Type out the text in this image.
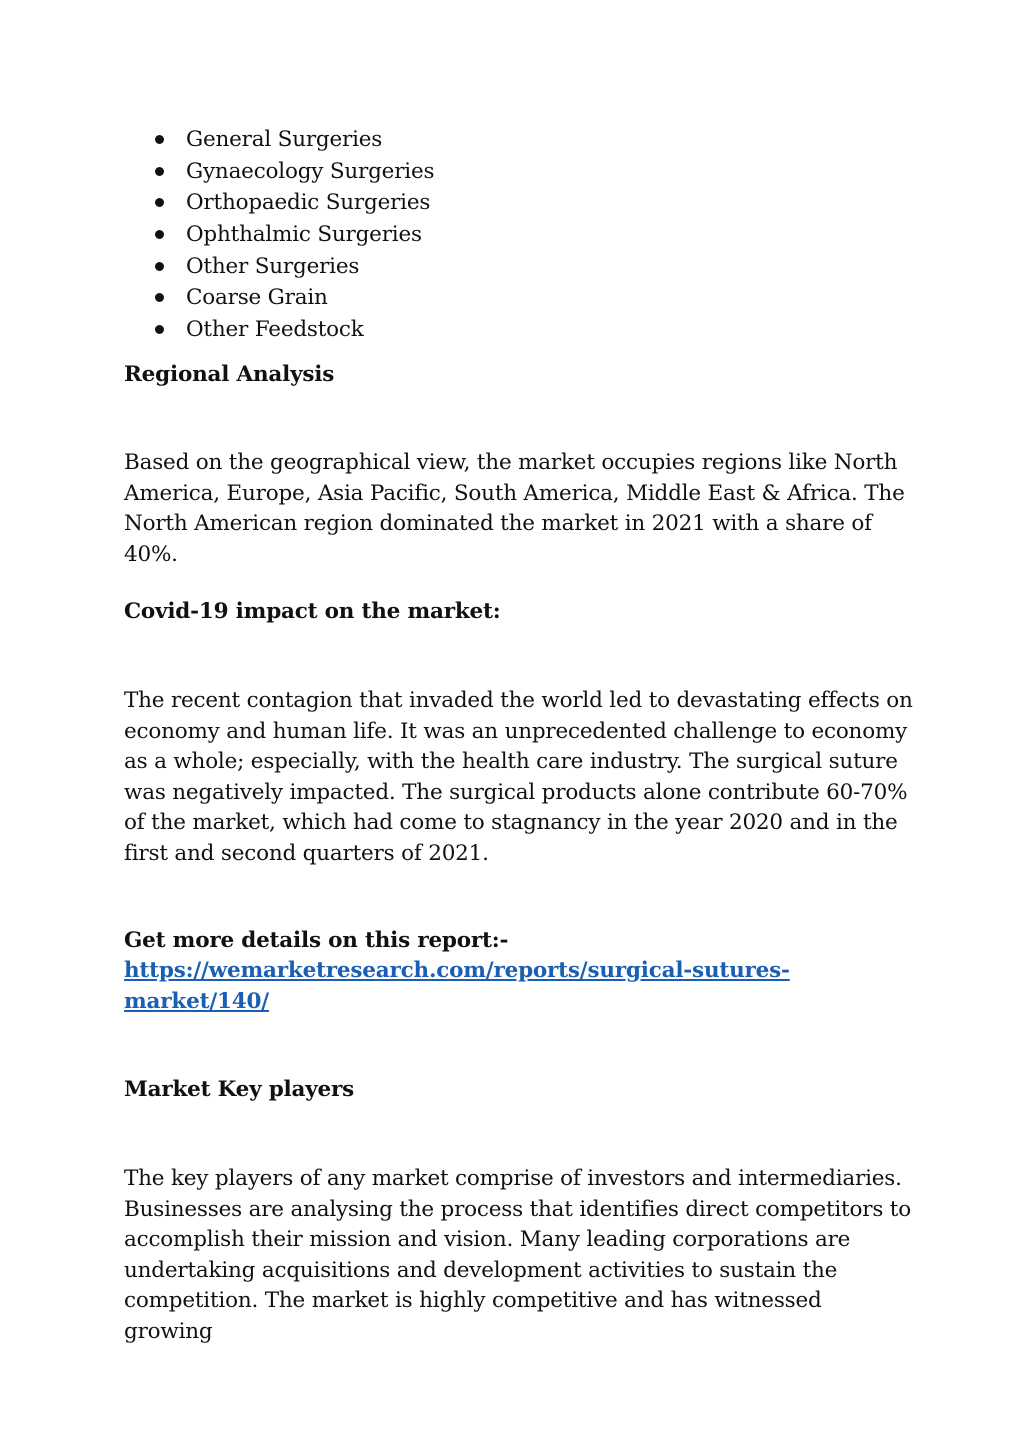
General Surgeries
Gynaecology Surgeries
Orthopaedic Surgeries
Ophthalmic Surgeries
Other Surgeries
Coarse Grain
Other Feedstock
Regional Analysis

Based on the geographical view, the market occupies regions like North America, Europe, Asia Pacific, South America, Middle East & Africa. The North American region dominated the market in 2021 with a share of 40%.

Covid-19 impact on the market:

The recent contagion that invaded the world led to devastating effects on economy and human life. It was an unprecedented challenge to economy as a whole; especially, with the health care industry. The surgical suture was negatively impacted. The surgical products alone contribute 60-70% of the market, which had come to stagnancy in the year 2020 and in the first and second quarters of 2021.

Get more details on this report:-
https://wemarketresearch.com/reports/surgical-sutures-
market/140/
Market Key players

The key players of any market comprise of investors and intermediaries. Businesses are analysing the process that identifies direct competitors to accomplish their mission and vision. Many leading corporations are undertaking acquisitions and development activities to sustain the competition. The market is highly competitive and has witnessed growing
